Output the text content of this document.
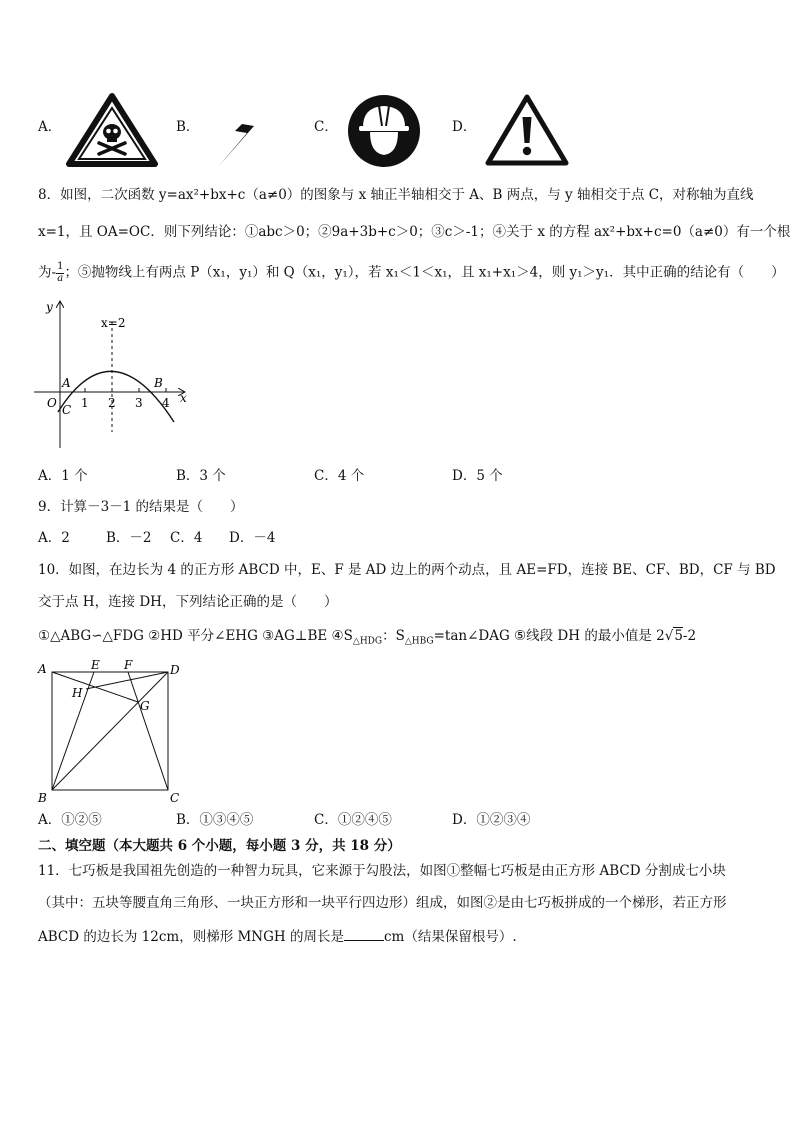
A．	B．	C．	D．
8．如图，二次函数 y=ax²+bx+c（a≠0）的图象与 x 轴正半轴相交于 A、B 两点，与 y 轴相交于点 C，对称轴为直线
x=1，且 OA=OC．则下列结论：①abc＞0；②9a+3b+c＞0；③c＞-1；④关于 x 的方程 ax²+bx+c=0（a≠0）有一个根
为- $\frac{1}{a}$ ；⑤抛物线上有两点 P（x₁，y₁）和 Q（x₁，y₁），若 x₁＜1＜x₁，且 x₁+x₁＞4，则 y₁＞y₁．其中正确的结论有（　　）
y
x
x=2
O
A	B
C 1 2 3 4
A．1 个	B．3 个	C．4 个	D．5 个
9．计算－3－1 的结果是（　　）
A．2	B．－2 C．4 D．－4
10．如图，在边长为 4 的正方形 ABCD 中，E、F 是 AD 边上的两个动点，且 AE=FD，连接 BE、CF、BD，CF 与 BD
交于点 H，连接 DH，下列结论正确的是（　　）
①△ABG∽△FDG ②HD 平分∠EHG ③AG⊥BE $④S_{\triangle HDG}$：$S_{\triangle HBG}=\tan\angle DAG$ ⑤线段 DH 的最小值是 2√5-2
A	D
B	C
E F
G
H
A．①②⑤	B．①③④⑤	C．①②④⑤	D．①②③④
二、填空题（本大题共 6 个小题，每小题 3 分，共 18 分）
11．七巧板是我国祖先创造的一种智力玩具，它来源于勾股法，如图①整幅七巧板是由正方形 ABCD 分割成七小块
（其中：五块等腰直角三角形、一块正方形和一块平行四边形）组成，如图②是由七巧板拼成的一个梯形，若正方形
ABCD 的边长为 12cm，则梯形 MNGH 的周长是	cm（结果保留根号）.
